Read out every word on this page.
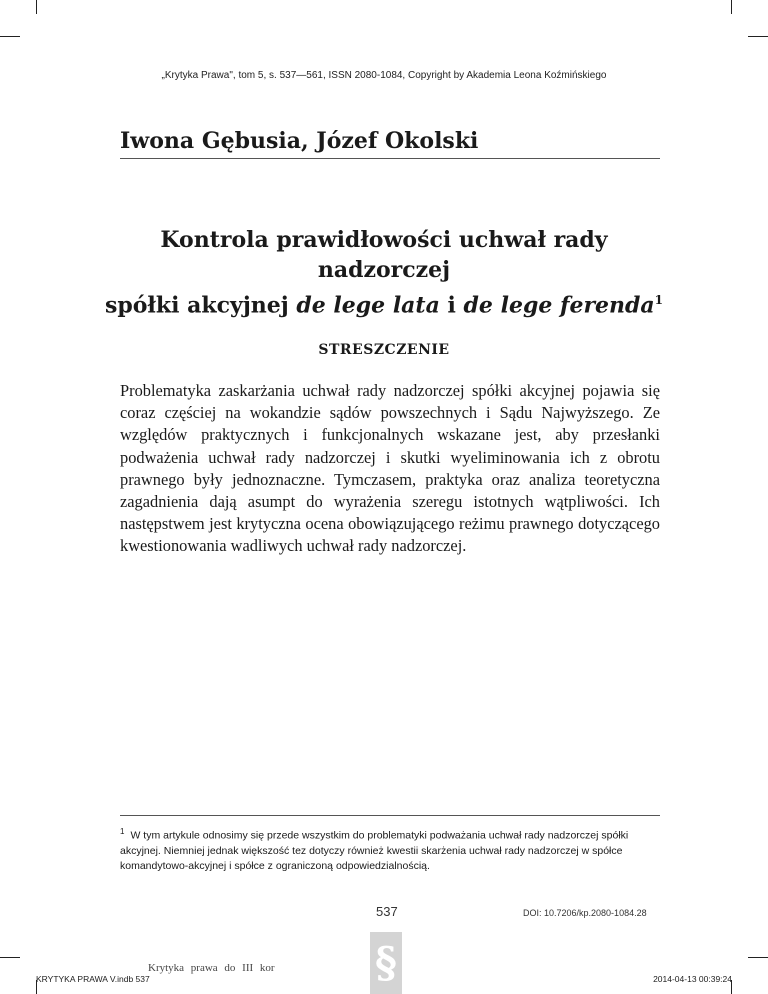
„Krytyka Prawa", tom 5, s. 537—561, ISSN 2080-1084, Copyright by Akademia Leona Koźmińskiego
Iwona Gębusia, Józef Okolski
Kontrola prawidłowości uchwał rady nadzorczej
spółki akcyjnej de lege lata i de lege ferenda$^1$
STRESZCZENIE
Problematyka zaskarżania uchwał rady nadzorczej spółki akcyjnej pojawia się coraz częściej na wokandzie sądów powszechnych i Sądu Najwyższego. Ze względów praktycznych i funkcjonalnych wskazane jest, aby przesłanki podważenia uchwał rady nadzorczej i skutki wyeliminowania ich z obrotu prawnego były jednoznaczne. Tymczasem, praktyka oraz analiza teoretyczna zagadnienia dają asumpt do wyrażenia szeregu istotnych wątpliwości. Ich następstwem jest krytyczna ocena obowiązującego reżimu prawnego dotyczącego kwestionowania wadliwych uchwał rady nadzorczej.
$^1$ W tym artykule odnosimy się przede wszystkim do problematyki podważania uchwał rady nadzorczej spółki akcyjnej. Niemniej jednak większość tez dotyczy również kwestii skarżenia uchwał rady nadzorczej w spółce komandytowo-akcyjnej i spółce z ograniczoną odpowiedzialnością.
537	DOI: 10.7206/kp.2080-1084.28
§
KRYTYKA PRAWA V.indb 537
Krytyka prawa do III kor
2014-04-13 00:39:24
